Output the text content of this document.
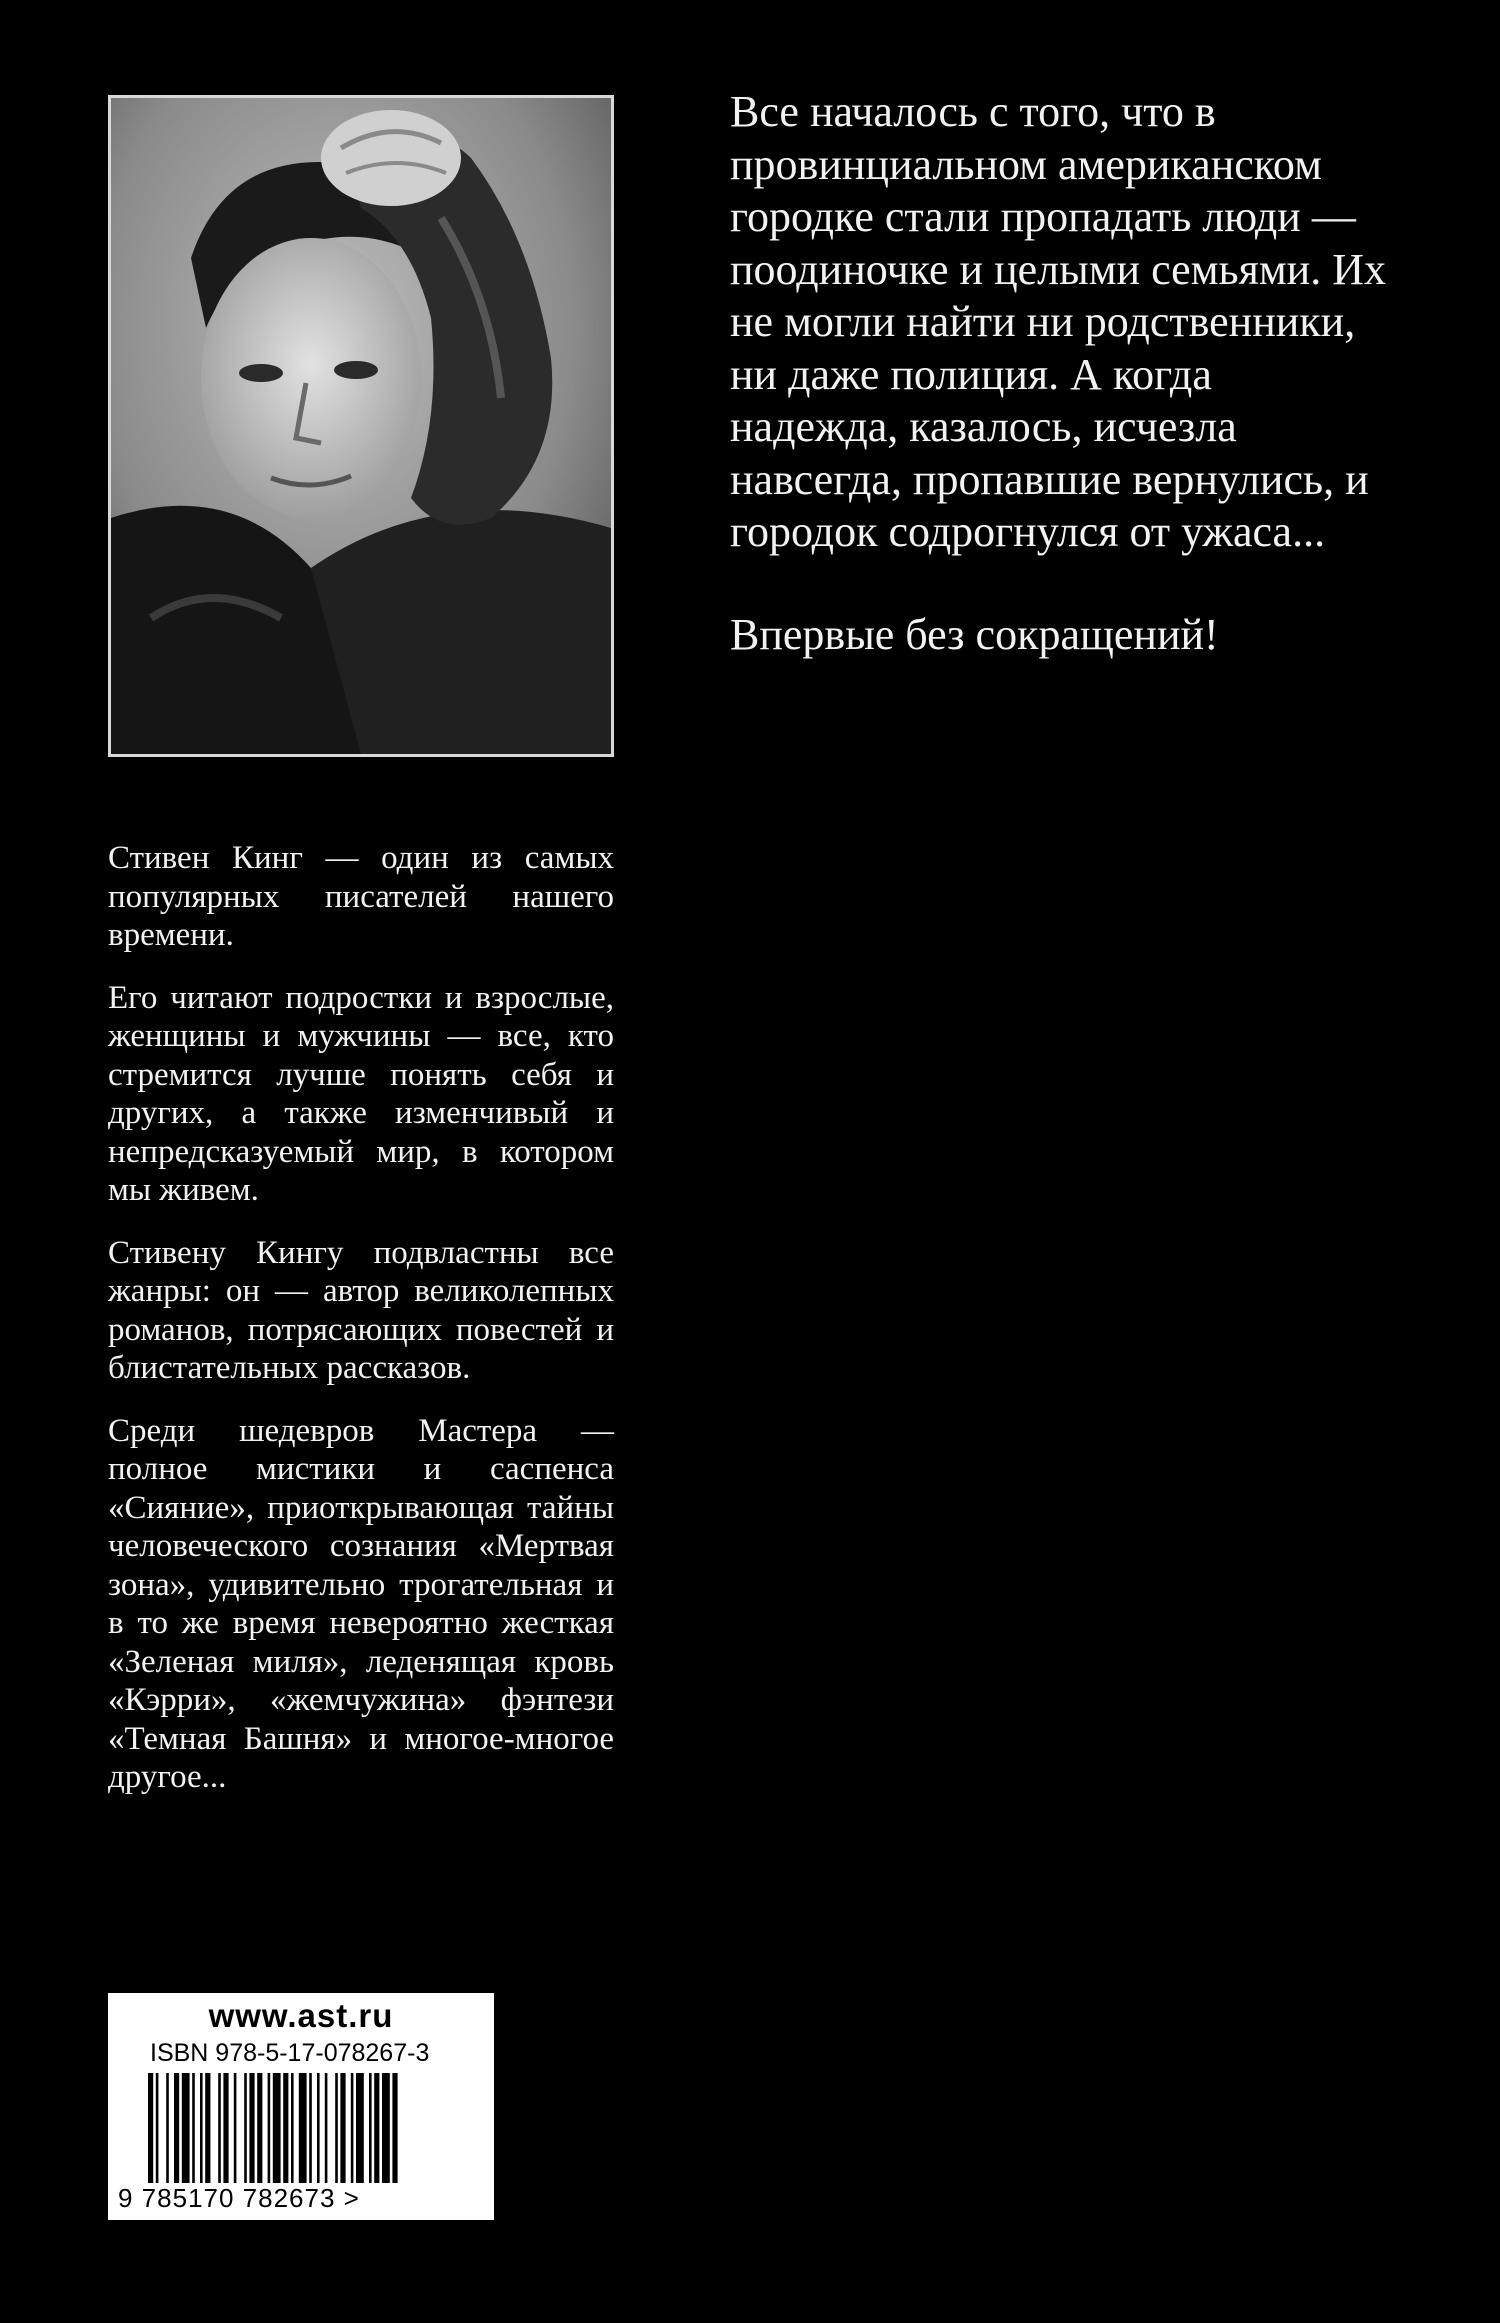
Все началось с того, что в провинциальном американском городке стали пропадать люди — поодиночке и целыми семьями. Их не могли найти ни родственники, ни даже полиция. А когда надежда, казалось, исчезла навсегда, пропавшие вернулись, и городок содрогнулся от ужаса...

Впервые без сокращений!

Стивен Кинг — один из самых популярных писателей нашего времени.

Его читают подростки и взрослые, женщины и мужчины — все, кто стремится лучше понять себя и других, а также изменчивый и непредсказуемый мир, в котором мы живем.

Стивену Кингу подвластны все жанры: он — автор великолепных романов, потрясающих повестей и блистательных рассказов.

Среди шедевров Мастера — полное мистики и саспенса «Сияние», приоткрывающая тайны человеческого сознания «Мертвая зона», удивительно трогательная и в то же время невероятно жесткая «Зеленая миля», леденящая кровь «Кэрри», «жемчужина» фэнтези «Темная Башня» и многое-многое другое...

www.ast.ru
ISBN 978-5-17-078267-3
9 785170 782673 >
